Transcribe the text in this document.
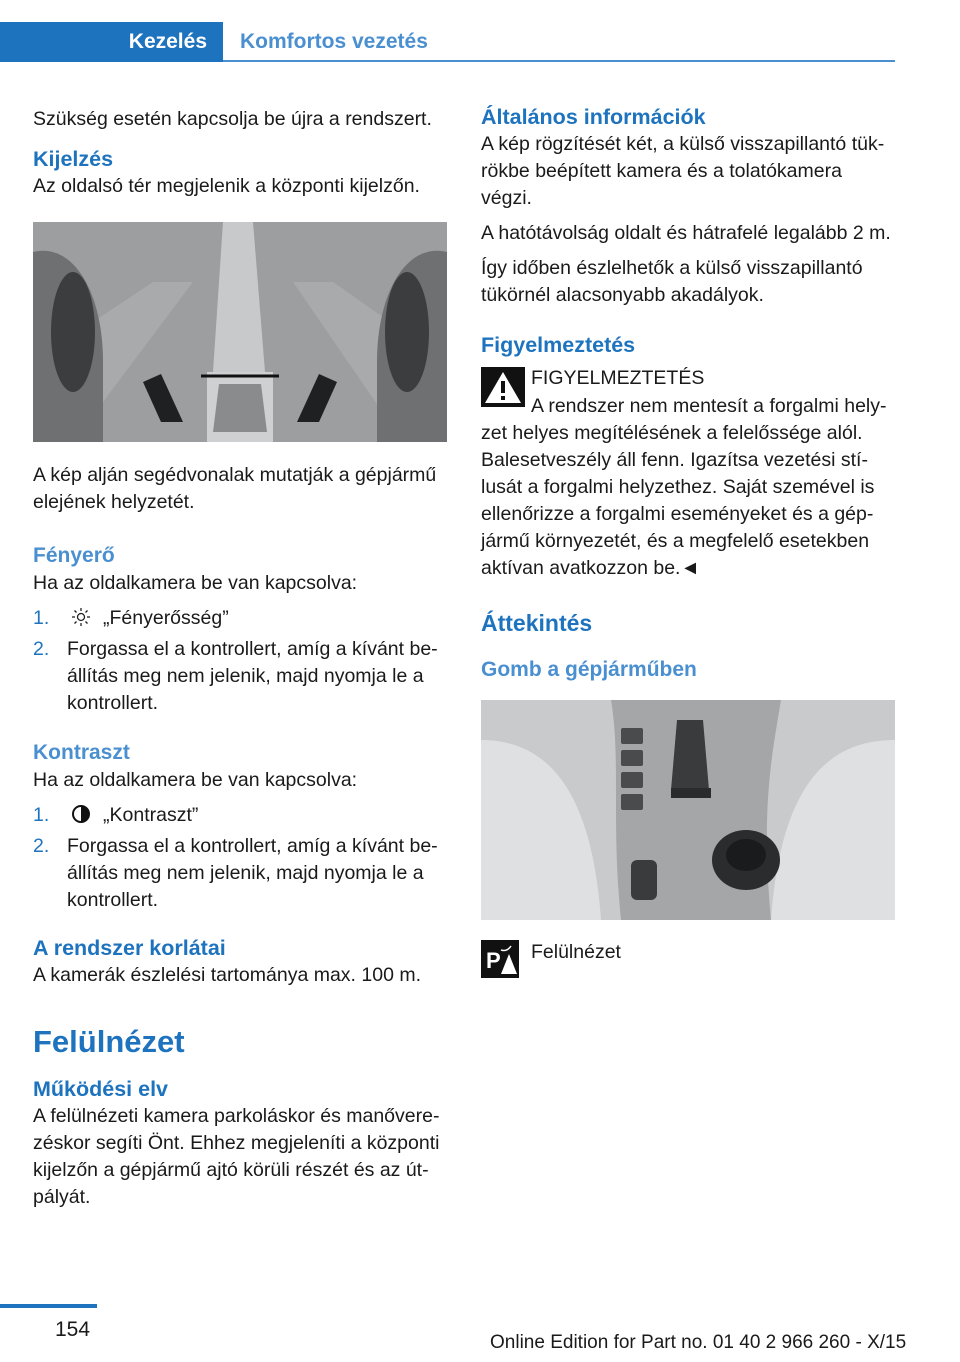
Kezelés	Komfortos vezetés

Szükség esetén kapcsolja be újra a rendszert.

Kijelzés

Az oldalsó tér megjelenik a központi kijelzőn.

A kép alján segédvonalak mutatják a gépjármű elejének helyzetét.

Fényerő

Ha az oldalkamera be van kapcsolva:

1.	„Fényerősség”
2. Forgassa el a kontrollert, amíg a kívánt be‐állítás meg nem jelenik, majd nyomja le a kontrollert.
Kontraszt

Ha az oldalkamera be van kapcsolva:

1.	„Kontraszt”
2. Forgassa el a kontrollert, amíg a kívánt be‐állítás meg nem jelenik, majd nyomja le a kontrollert.
A rendszer korlátai

A kamerák észlelési tartománya max. 100 m.

Felülnézet
Működési elv

A felülnézeti kamera parkoláskor és manővere‐zéskor segíti Önt. Ehhez megjeleníti a központi kijelzőn a gépjármű ajtó körüli részét és az út‐pályát.

Általános információk

A kép rögzítését két, a külső visszapillantó tük‐rökbe beépített kamera és a tolatókamera végzi.

A hatótávolság oldalt és hátrafelé legalább 2 m.

Így időben észlelhetők a külső visszapillantó tükörnél alacsonyabb akadályok.

Figyelmeztetés

FIGYELMEZTETÉS

A rendszer nem mentesít a forgalmi hely‐zet helyes megítélésének a felelőssége alól. Balesetveszély áll fenn. Igazítsa vezetési stí‐lusát a forgalmi helyzethez. Saját szemével is ellenőrizze a forgalmi eseményeket és a gép‐jármű környezetét, és a megfelelő esetekben aktívan avatkozzon be.◄

Áttekintés
Gomb a gépjárműben
P Felülnézet
154
Online Edition for Part no. 01 40 2 966 260 - X/15
